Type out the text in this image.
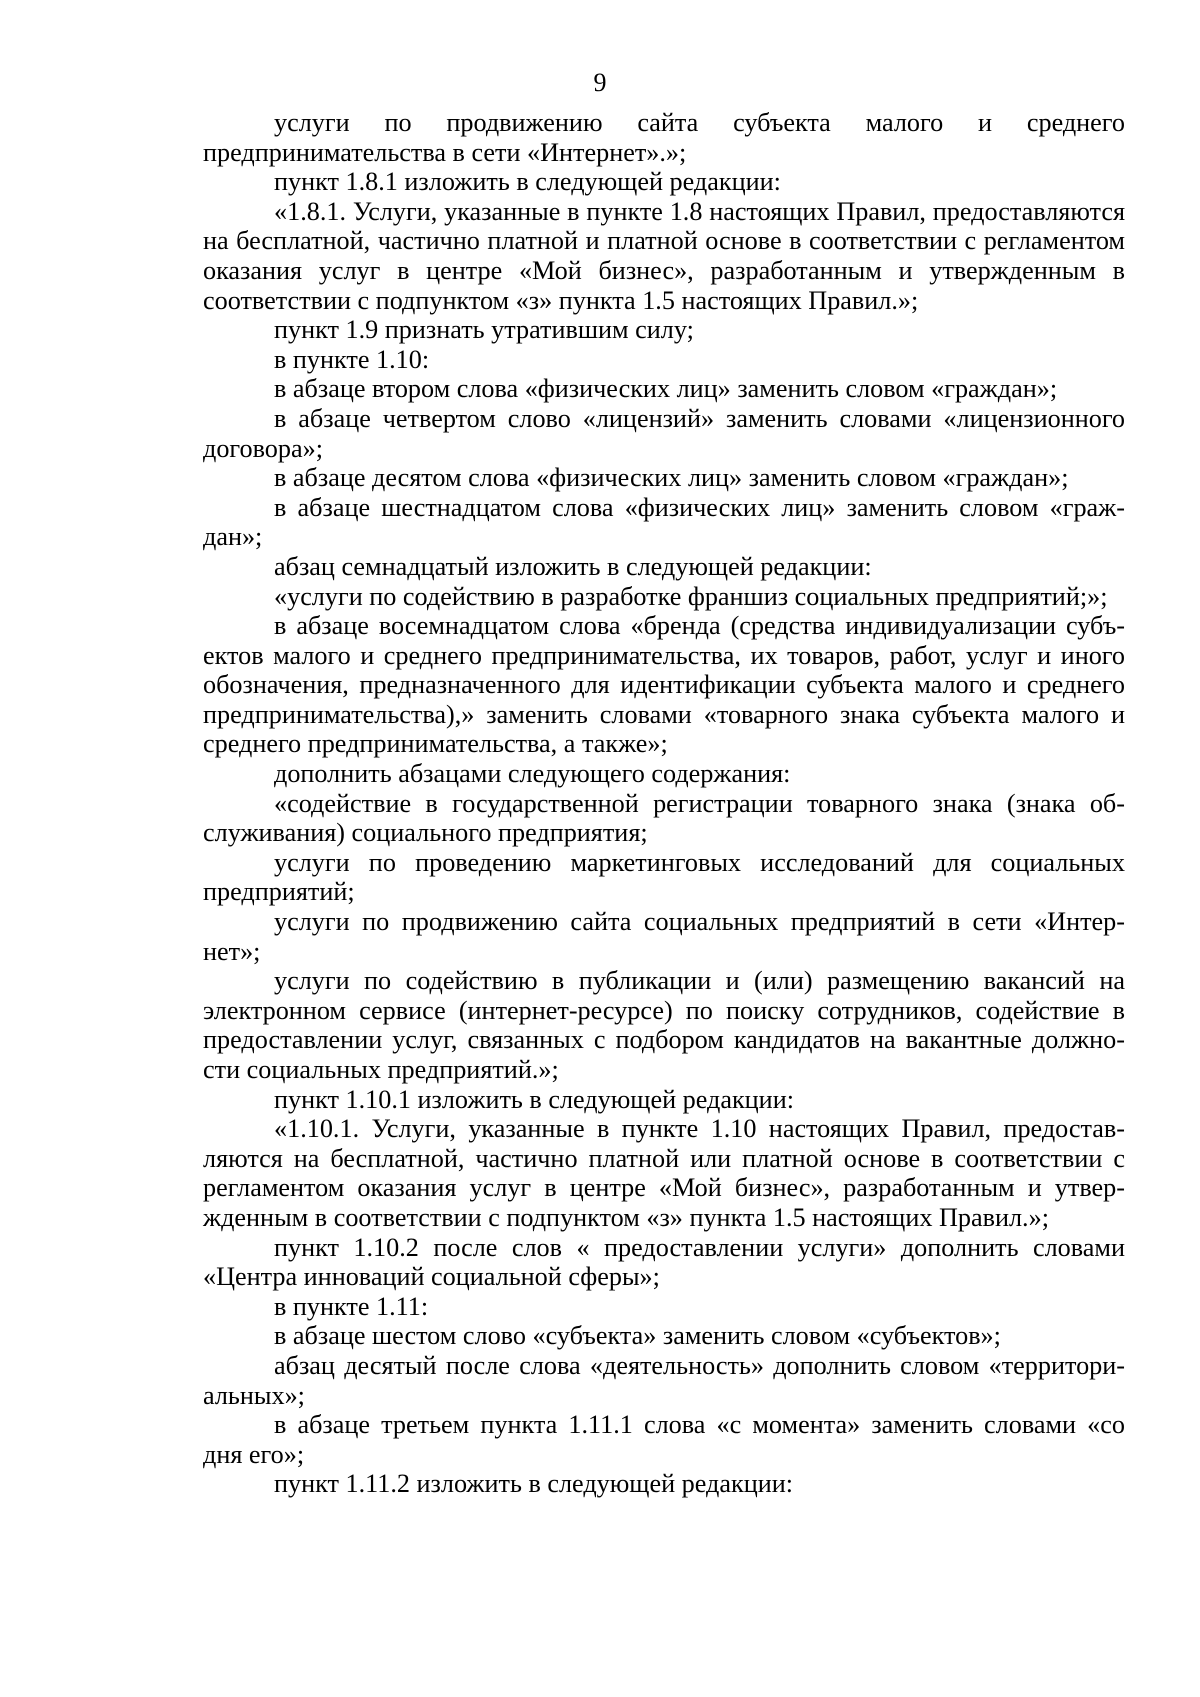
9

услуги по продвижению сайта субъекта малого и среднего предпринимательства в сети «Интернет».»;

пункт 1.8.1 изложить в следующей редакции:

«1.8.1. Услуги, указанные в пункте 1.8 настоящих Правил, предоставляются на бесплатной, частично платной и платной основе в соответствии с регламентом оказания услуг в центре «Мой бизнес», разработанным и утвержденным в соответствии с подпунктом «з» пункта 1.5 настоящих Правил.»;

пункт 1.9 признать утратившим силу;

в пункте 1.10:

в абзаце втором слова «физических лиц» заменить словом «граждан»;

в абзаце четвертом слово «лицензий» заменить словами «лицензионного договора»;

в абзаце десятом слова «физических лиц» заменить словом «граждан»;

в абзаце шестнадцатом слова «физических лиц» заменить словом «граждан»;

абзац семнадцатый изложить в следующей редакции:

«услуги по содействию в разработке франшиз социальных предприятий;»;

в абзаце восемнадцатом слова «бренда (средства индивидуализации субъектов малого и среднего предпринимательства, их товаров, работ, услуг и иного обозначения, предназначенного для идентификации субъекта малого и среднего предпринимательства),» заменить словами «товарного знака субъекта малого и среднего предпринимательства, а также»;

дополнить абзацами следующего содержания:

«содействие в государственной регистрации товарного знака (знака обслуживания) социального предприятия;

услуги по проведению маркетинговых исследований для социальных предприятий;

услуги по продвижению сайта социальных предприятий в сети «Интернет»;

услуги по содействию в публикации и (или) размещению вакансий на электронном сервисе (интернет-ресурсе) по поиску сотрудников, содействие в предоставлении услуг, связанных с подбором кандидатов на вакантные должности социальных предприятий.»;

пункт 1.10.1 изложить в следующей редакции:

«1.10.1. Услуги, указанные в пункте 1.10 настоящих Правил, предоставляются на бесплатной, частично платной или платной основе в соответствии с регламентом оказания услуг в центре «Мой бизнес», разработанным и утвержденным в соответствии с подпунктом «з» пункта 1.5 настоящих Правил.»;

пункт 1.10.2 после слов « предоставлении услуги» дополнить словами «Центра инноваций социальной сферы»;

в пункте 1.11:

в абзаце шестом слово «субъекта» заменить словом «субъектов»;

абзац десятый после слова «деятельность» дополнить словом «территориальных»;

в абзаце третьем пункта 1.11.1 слова «с момента» заменить словами «со дня его»;

пункт 1.11.2 изложить в следующей редакции:
